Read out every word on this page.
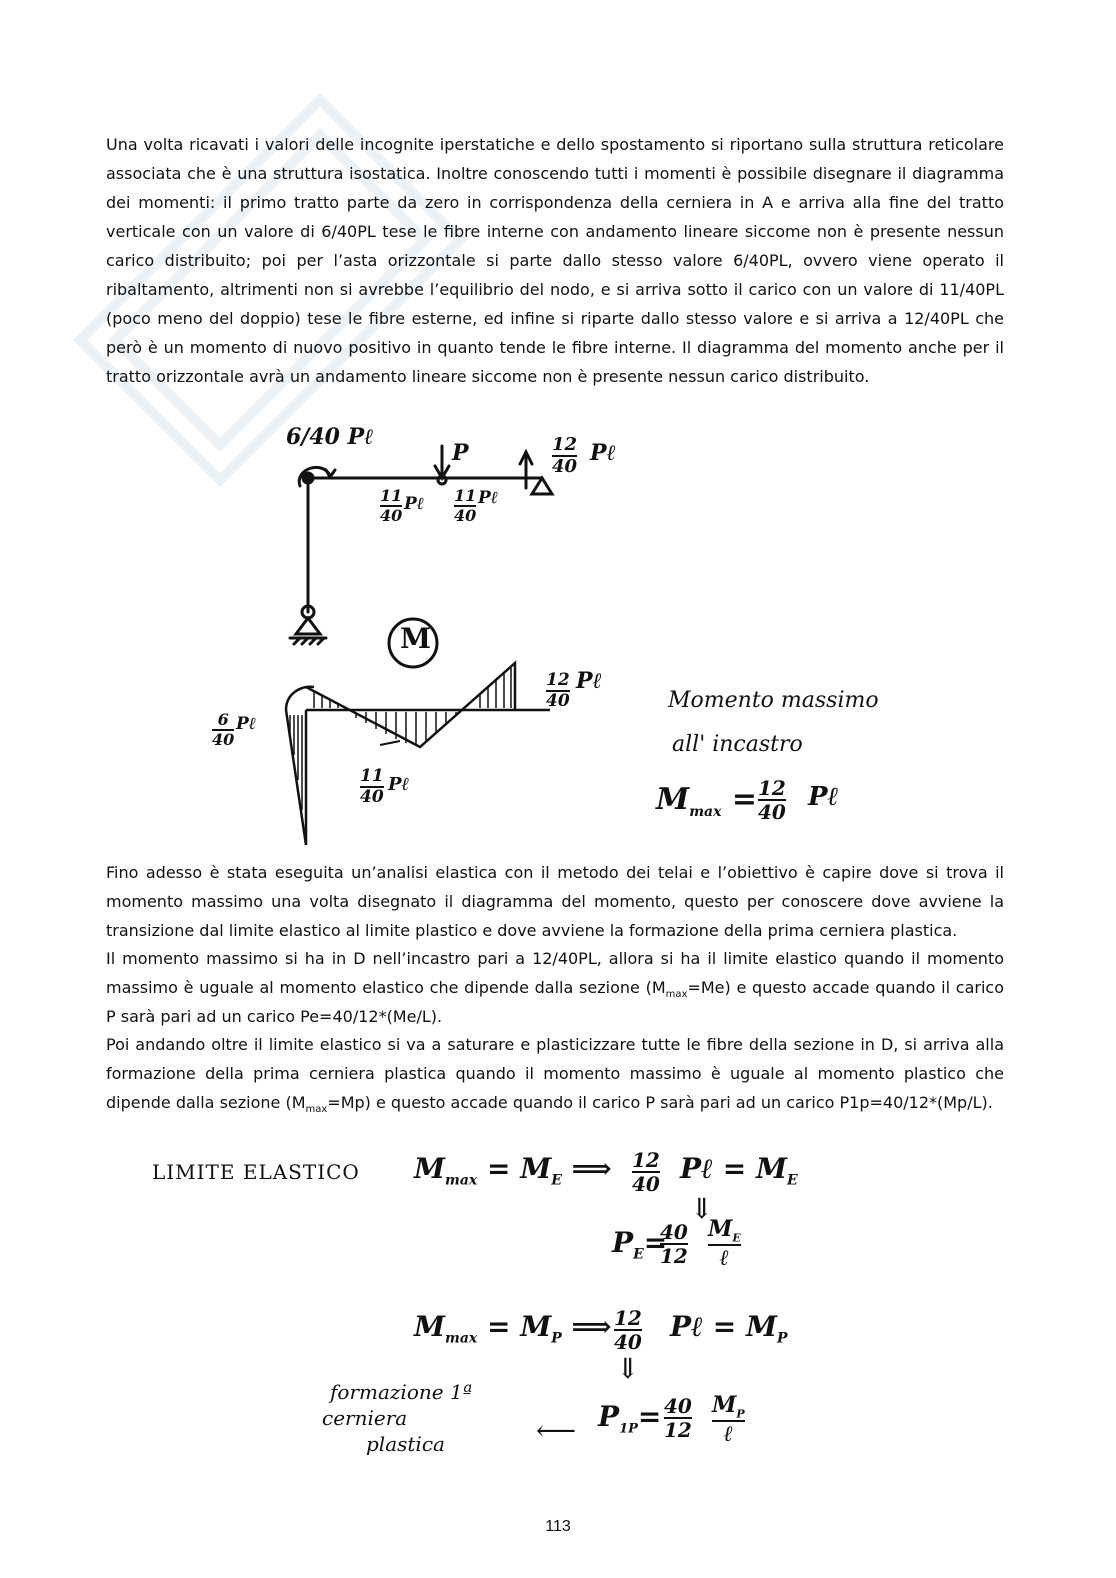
Una volta ricavati i valori delle incognite iperstatiche e dello spostamento si riportano sulla struttura reticolare associata che è una struttura isostatica. Inoltre conoscendo tutti i momenti è possibile disegnare il diagramma dei momenti: il primo tratto parte da zero in corrispondenza della cerniera in A e arriva alla fine del tratto verticale con un valore di 6/40PL tese le fibre interne con andamento lineare siccome non è presente nessun carico distribuito; poi per l’asta orizzontale si parte dallo stesso valore 6/40PL, ovvero viene operato il ribaltamento, altrimenti non si avrebbe l’equilibrio del nodo, e si arriva sotto il carico con un valore di 11/40PL (poco meno del doppio) tese le fibre esterne, ed infine si riparte dallo stesso valore e si arriva a 12/40PL che però è un momento di nuovo positivo in quanto tende le fibre interne. Il diagramma del momento anche per il tratto orizzontale avrà un andamento lineare siccome non è presente nessun carico distribuito.

6/40 Pℓ
P	12
40
Pℓ
11
40
Pℓ 11
40
Pℓ
M
6
40
Pℓ
11
40
Pℓ
12
40
Pℓ
Momento massimo
all' incastro
$M_{max} = 12$
40 Pℓ

Fino adesso è stata eseguita un’analisi elastica con il metodo dei telai e l’obiettivo è capire dove si trova il momento massimo una volta disegnato il diagramma del momento, questo per conoscere dove avviene la transizione dal limite elastico al limite plastico e dove avviene la formazione della prima cerniera plastica.

Il momento massimo si ha in D nell’incastro pari a 12/40PL, allora si ha il limite elastico quando il momento massimo è uguale al momento elastico che dipende dalla sezione $(M_{max}=Me)$ e questo accade quando il carico P sarà pari ad un carico Pe=40/12*(Me/L).

Poi andando oltre il limite elastico si va a saturare e plasticizzare tutte le fibre della sezione in D, si arriva alla formazione della prima cerniera plastica quando il momento massimo è uguale al momento plastico che dipende dalla sezione $(M_{max}=Mp)$ e questo accade quando il carico P sarà pari ad un carico P1p=40/12*(Mp/L).

LIMITE ELASTICO $M_{max} = M_E$ ⟹ 12
40 Pℓ = $M_E$
⇓
$P_E=$
40
12
$M_E$
ℓ
$M_{max} = M_P$ ⟹ 12
40 Pℓ = $M_P$
⇓
formazione 1ª
cerniera
plastica	⟵ $P_{1P}= 40$
12
$M_P$
ℓ
113
